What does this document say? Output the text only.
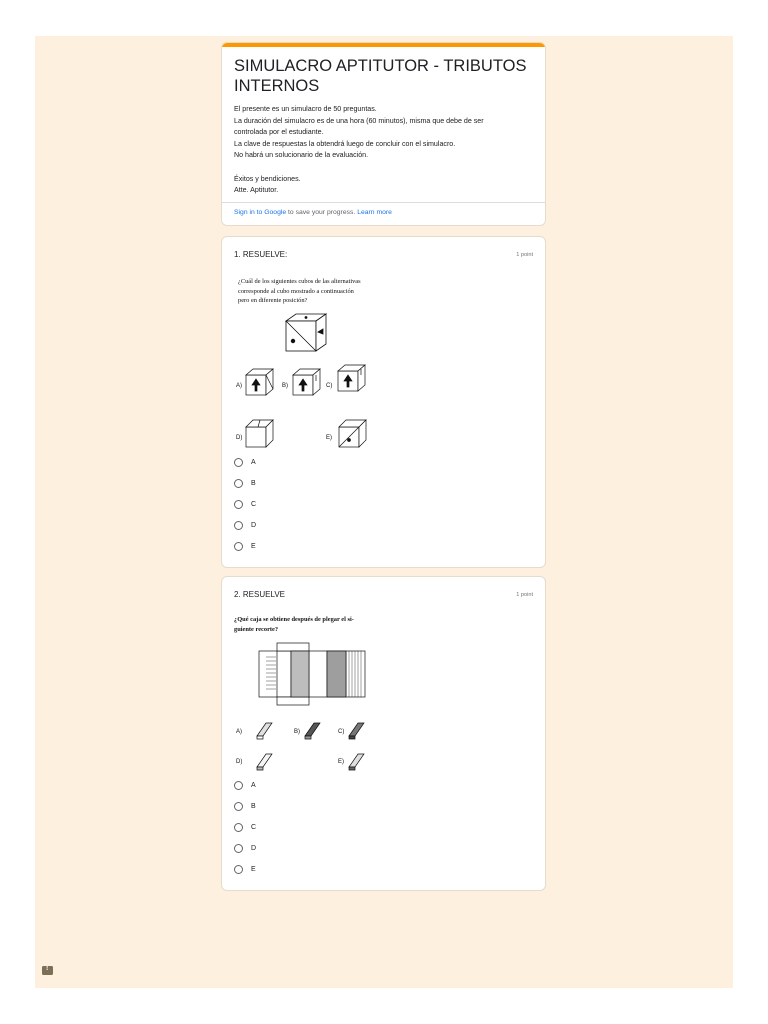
SIMULACRO APTITUTOR - TRIBUTOS INTERNOS
El presente es un simulacro de 50 preguntas.
La duración del simulacro es de una hora (60 minutos), misma que debe de ser
controlada por el estudiante.
La clave de respuestas la obtendrá luego de concluir con el simulacro.
No habrá un solucionario de la evaluación.
Éxitos y bendiciones.
Atte. Aptitutor.
Sign in to Google to save your progress. Learn more
1. RESUELVE:	1 point
¿Cuál de los siguientes cubos de las alternativas
corresponde al cubo mostrado a continuación
pero en diferente posición?
A)	B)	C)
D)	E)
A
B
C
D
E
2. RESUELVE	1 point
¿Qué caja se obtiene después de plegar el si-
guiente recorte?
A)	B)	C)
D)	E)
A
B
C
D
E
!
